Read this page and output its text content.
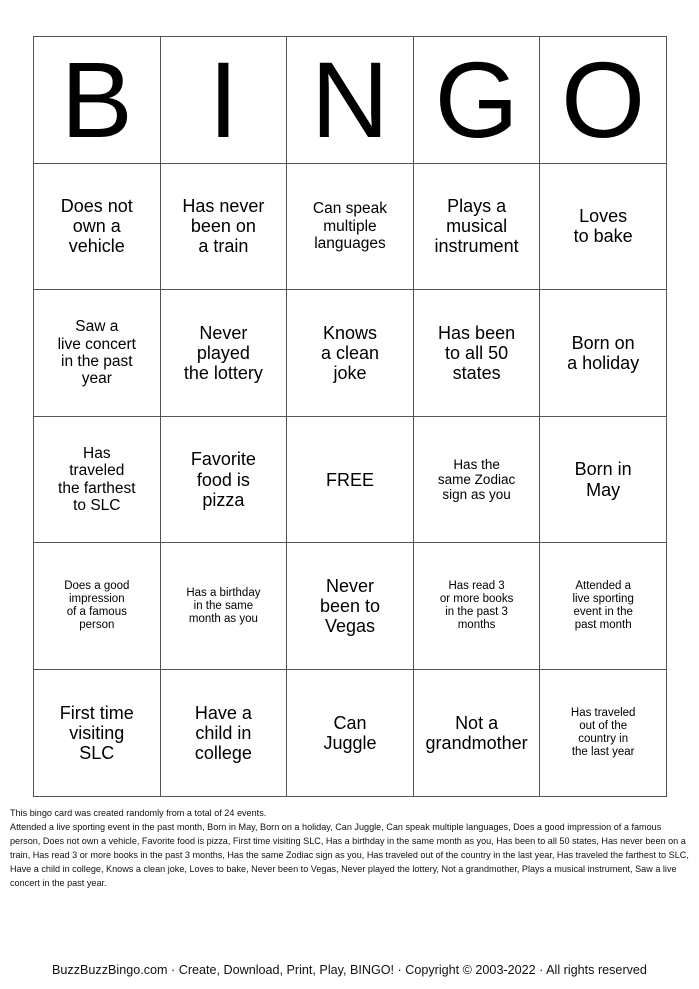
B	I	N	G	O

Does not
own a
vehicle	Has never
been on
a train	Can speak
multiple
languages	Plays a
musical
instrument	Loves
to bake

Saw a
live concert
in the past
year	Never
played
the lottery	Knows
a clean
joke	Has been
to all 50
states	Born on
a holiday

Has
traveled
the farthest
to SLC	Favorite
food is
pizza	FREE	Has the
same Zodiac
sign as you	Born in
May

Does a good
impression
of a famous
person	Has a birthday
in the same
month as you	Never
been to
Vegas	Has read 3
or more books
in the past 3
months	Attended a
live sporting
event in the
past month

First time
visiting
SLC	Have a
child in
college	Can
Juggle	Not a
grandmother	Has traveled
out of the
country in
the last year
This bingo card was created randomly from a total of 24 events.
Attended a live sporting event in the past month, Born in May, Born on a holiday, Can Juggle, Can speak multiple languages, Does a good impression of a famous person, Does not own a vehicle, Favorite food is pizza, First time visiting SLC, Has a birthday in the same month as you, Has been to all 50 states, Has never been on a train, Has read 3 or more books in the past 3 months, Has the same Zodiac sign as you, Has traveled out of the country in the last year, Has traveled the farthest to SLC, Have a child in college, Knows a clean joke, Loves to bake, Never been to Vegas, Never played the lottery, Not a grandmother, Plays a musical instrument, Saw a live concert in the past year.
BuzzBuzzBingo.com · Create, Download, Print, Play, BINGO! · Copyright © 2003-2022 · All rights reserved
